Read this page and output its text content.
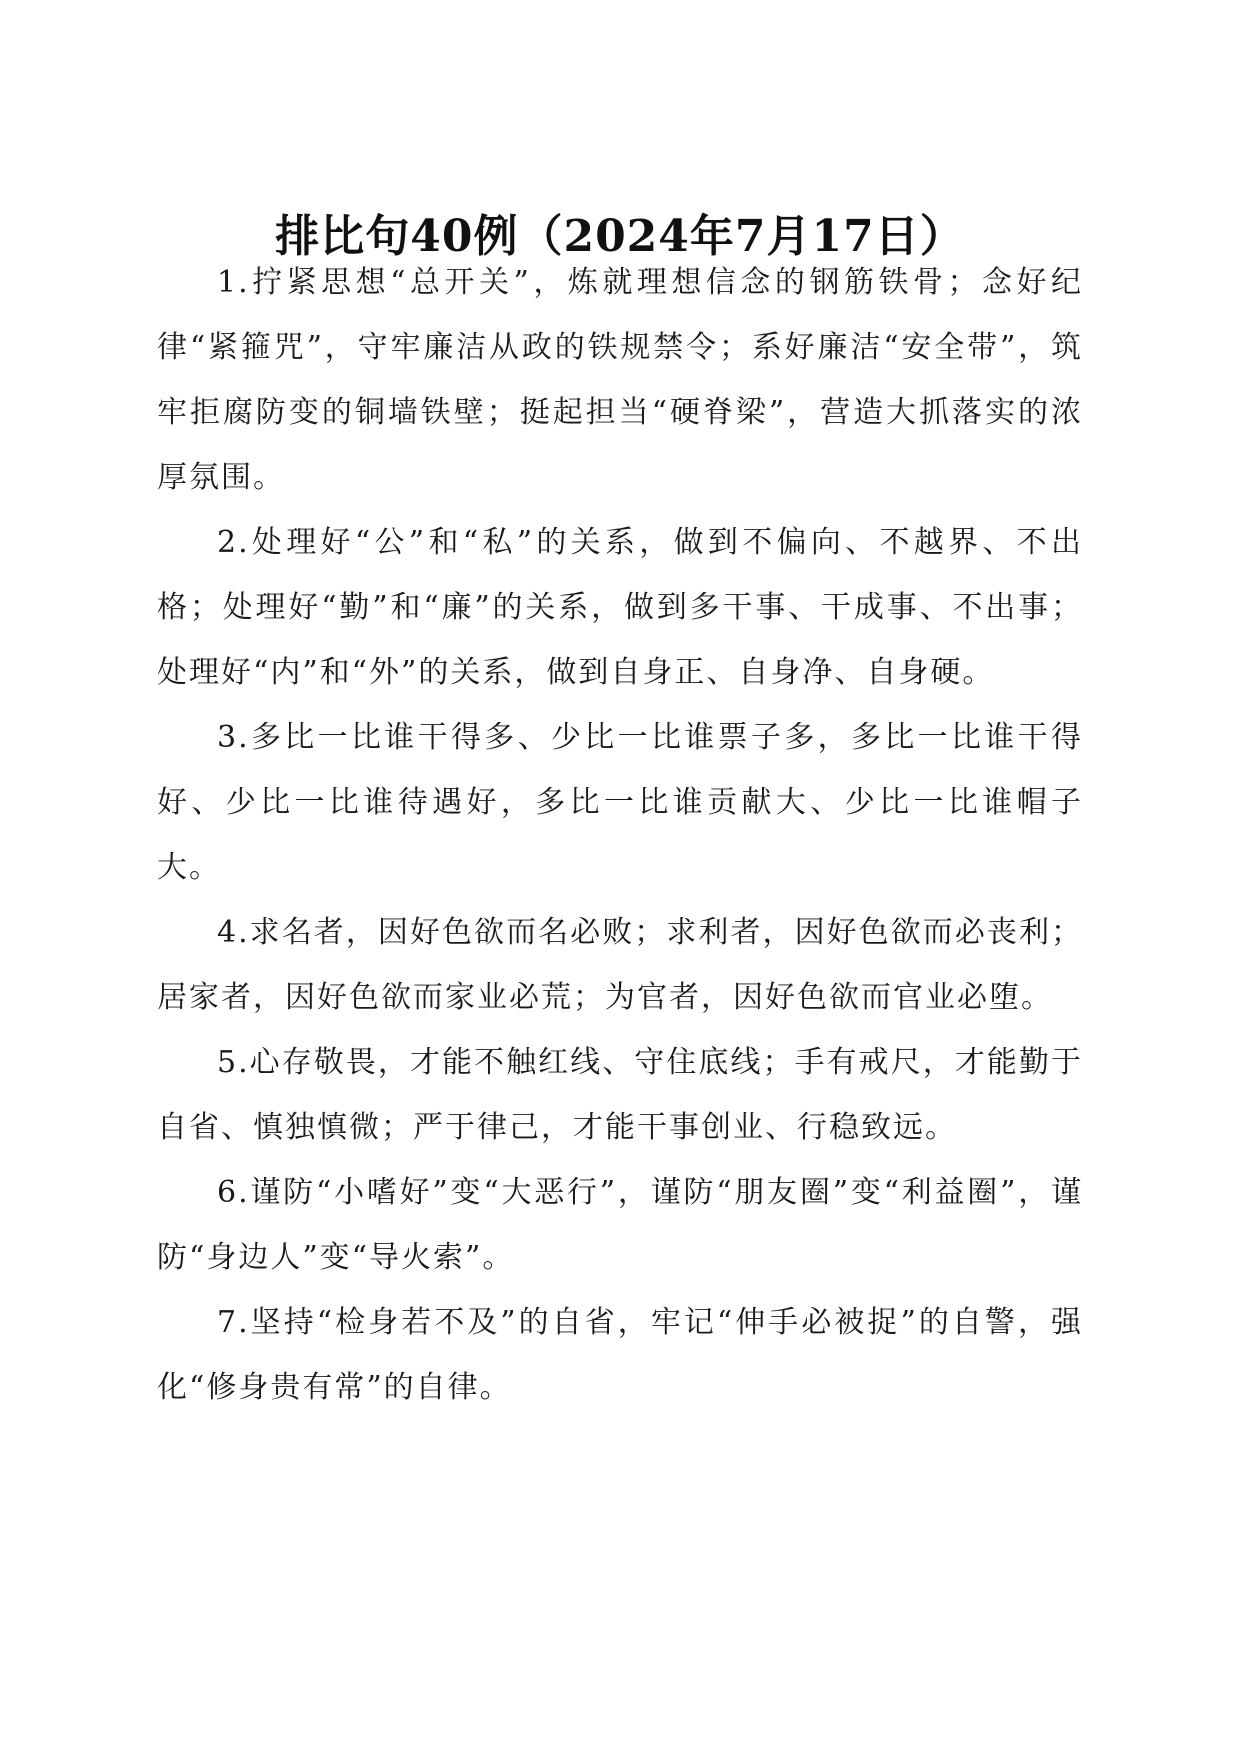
排比句40例（2024年7月17日）

1.拧紧思想“总开关”，炼就理想信念的钢筋铁骨；念好纪律“紧箍咒”，守牢廉洁从政的铁规禁令；系好廉洁“安全带”，筑牢拒腐防变的铜墙铁壁；挺起担当“硬脊梁”，营造大抓落实的浓厚氛围。

2.处理好“公”和“私”的关系，做到不偏向、不越界、不出格；处理好“勤”和“廉”的关系，做到多干事、干成事、不出事；处理好“内”和“外”的关系，做到自身正、自身净、自身硬。

3.多比一比谁干得多、少比一比谁票子多，多比一比谁干得好、少比一比谁待遇好，多比一比谁贡献大、少比一比谁帽子大。

4.求名者，因好色欲而名必败；求利者，因好色欲而必丧利；居家者，因好色欲而家业必荒；为官者，因好色欲而官业必堕。

5.心存敬畏，才能不触红线、守住底线；手有戒尺，才能勤于自省、慎独慎微；严于律己，才能干事创业、行稳致远。

6.谨防“小嗜好”变“大恶行”，谨防“朋友圈”变“利益圈”，谨防“身边人”变“导火索”。

7.坚持“检身若不及”的自省，牢记“伸手必被捉”的自警，强化“修身贵有常”的自律。
